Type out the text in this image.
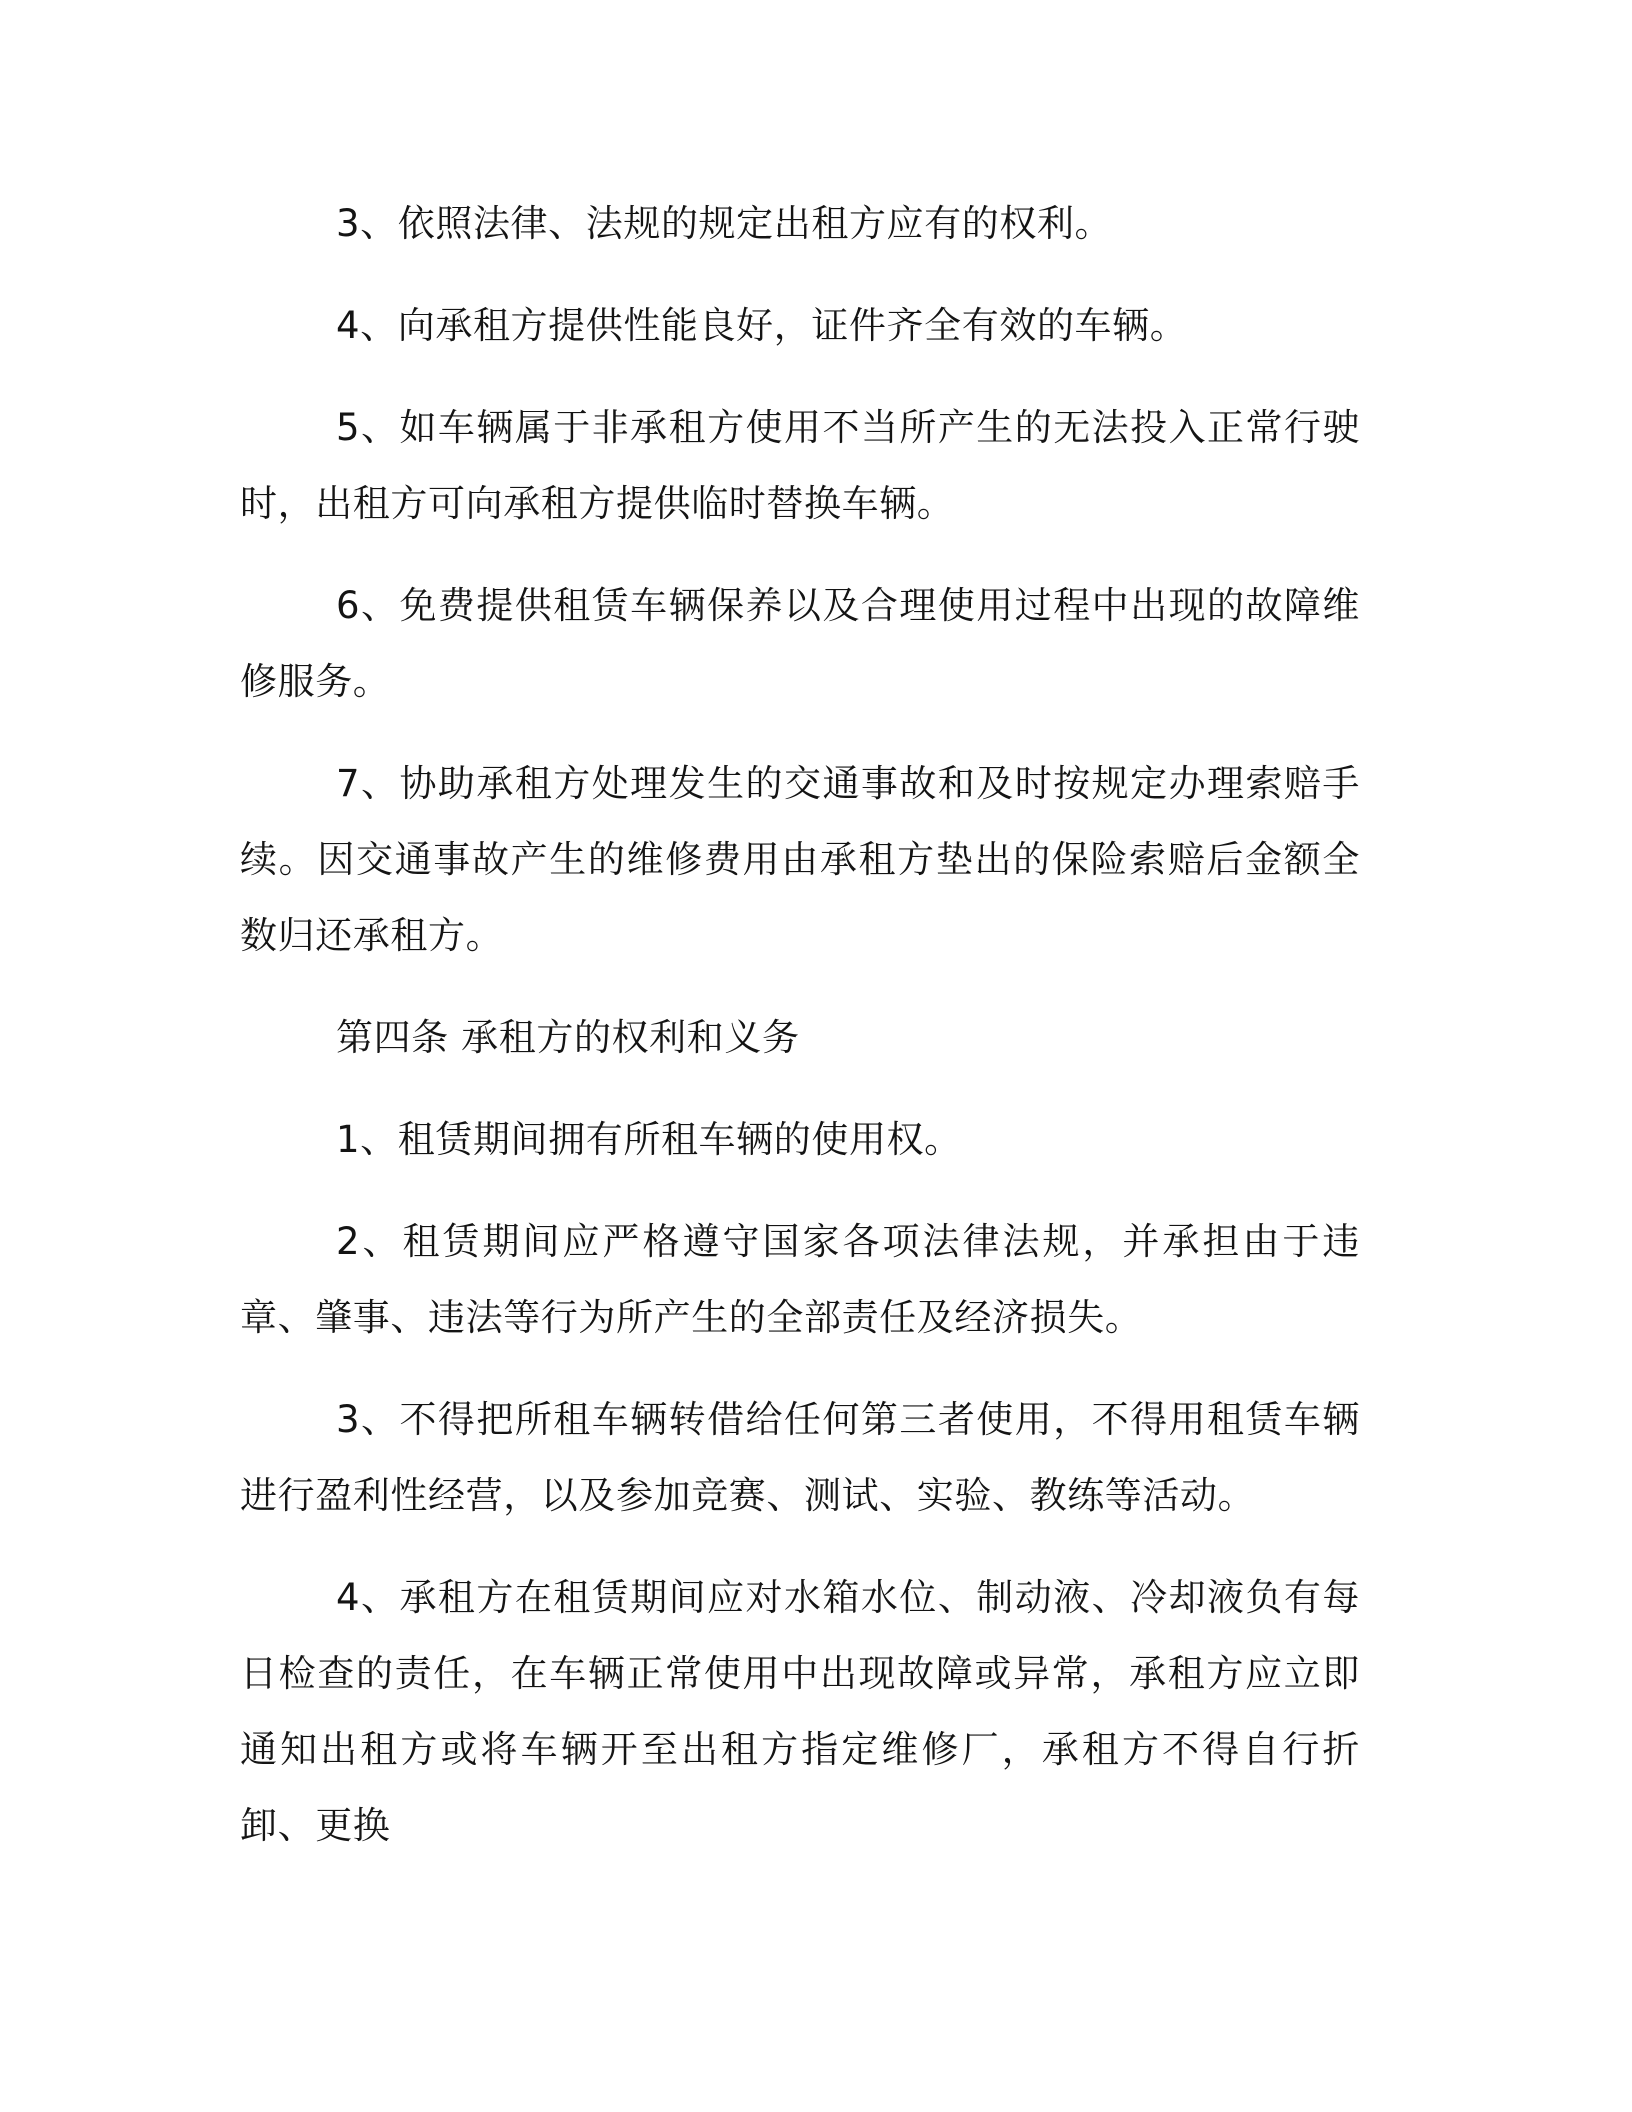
3、依照法律、法规的规定出租方应有的权利。

4、向承租方提供性能良好，证件齐全有效的车辆。

5、如车辆属于非承租方使用不当所产生的无法投入正常行驶时，出租方可向承租方提供临时替换车辆。

6、免费提供租赁车辆保养以及合理使用过程中出现的故障维修服务。

7、协助承租方处理发生的交通事故和及时按规定办理索赔手续。因交通事故产生的维修费用由承租方垫出的保险索赔后金额全数归还承租方。

第四条 承租方的权利和义务

1、租赁期间拥有所租车辆的使用权。

2、租赁期间应严格遵守国家各项法律法规，并承担由于违章、肇事、违法等行为所产生的全部责任及经济损失。

3、不得把所租车辆转借给任何第三者使用，不得用租赁车辆进行盈利性经营，以及参加竞赛、测试、实验、教练等活动。

4、承租方在租赁期间应对水箱水位、制动液、冷却液负有每日检查的责任，在车辆正常使用中出现故障或异常，承租方应立即通知出租方或将车辆开至出租方指定维修厂，承租方不得自行折卸、更换
